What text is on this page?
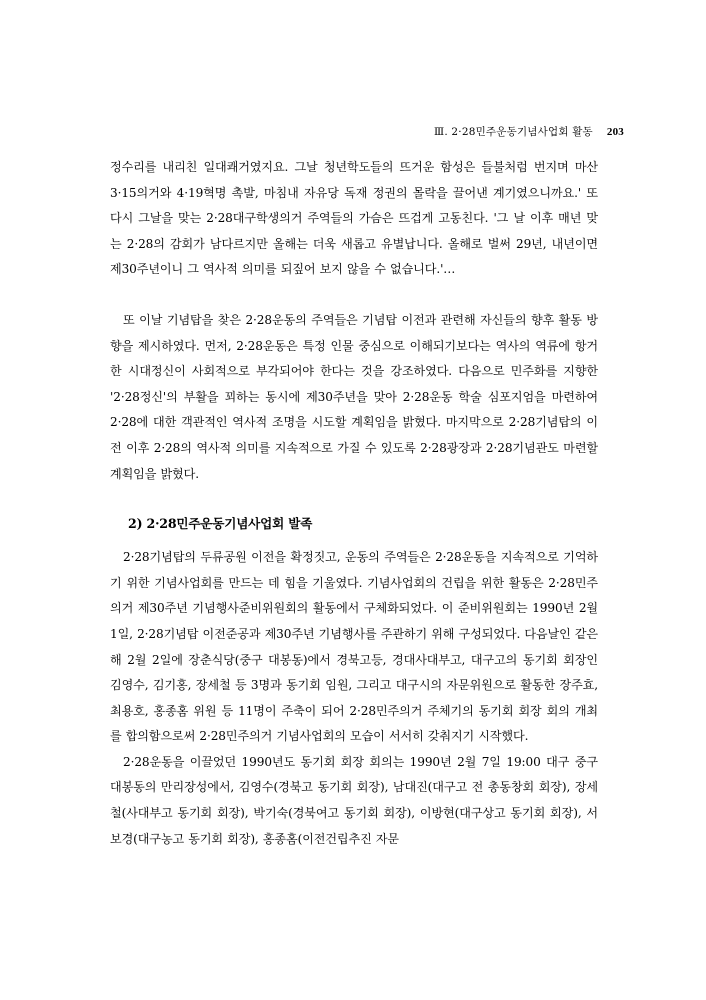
Ⅲ. 2·28민주운동기념사업회 활동 203

정수리를 내리친 일대쾌거였지요. 그날 청년학도들의 뜨거운 함성은 들불처럼 번지며 마산 3·15의거와 4·19혁명 촉발, 마침내 자유당 독재 정권의 몰락을 끌어낸 계기였으니까요.' 또 다시 그날을 맞는 2·28대구학생의거 주역들의 가슴은 뜨겁게 고동친다. '그 날 이후 매년 맞는 2·28의 감회가 남다르지만 올해는 더욱 새롭고 유별납니다. 올해로 벌써 29년, 내년이면 제30주년이니 그 역사적 의미를 되짚어 보지 않을 수 없습니다.'…

또 이날 기념탑을 찾은 2·28운동의 주역들은 기념탑 이전과 관련해 자신들의 향후 활동 방향을 제시하였다. 먼저, 2·28운동은 특정 인물 중심으로 이해되기보다는 역사의 역류에 항거한 시대정신이 사회적으로 부각되어야 한다는 것을 강조하였다. 다음으로 민주화를 지향한 '2·28정신'의 부활을 꾀하는 동시에 제30주년을 맞아 2·28운동 학술 심포지엄을 마련하여 2·28에 대한 객관적인 역사적 조명을 시도할 계획임을 밝혔다. 마지막으로 2·28기념탑의 이전 이후 2·28의 역사적 의미를 지속적으로 가질 수 있도록 2·28광장과 2·28기념관도 마련할 계획임을 밝혔다.

2) 2·28민주운동기념사업회 발족

2·28기념탑의 두류공원 이전을 확정짓고, 운동의 주역들은 2·28운동을 지속적으로 기억하기 위한 기념사업회를 만드는 데 힘을 기울였다. 기념사업회의 건립을 위한 활동은 2·28민주의거 제30주년 기념행사준비위원회의 활동에서 구체화되었다. 이 준비위원회는 1990년 2월 1일, 2·28기념탑 이전준공과 제30주년 기념행사를 주관하기 위해 구성되었다. 다음날인 같은 해 2월 2일에 장춘식당(중구 대봉동)에서 경북고등, 경대사대부고, 대구고의 동기회 회장인 김영수, 김기홍, 장세철 등 3명과 동기회 임원, 그리고 대구시의 자문위원으로 활동한 장주효, 최용호, 홍종홈 위원 등 11명이 주축이 되어 2·28민주의거 주체기의 동기회 회장 회의 개최를 합의함으로써 2·28민주의거 기념사업회의 모습이 서서히 갖춰지기 시작했다.

2·28운동을 이끌었던 1990년도 동기회 회장 회의는 1990년 2월 7일 19:00 대구 중구 대봉동의 만리장성에서, 김영수(경북고 동기회 회장), 남대진(대구고 전 총동창회 회장), 장세철(사대부고 동기회 회장), 박기숙(경북여고 동기회 회장), 이방현(대구상고 동기회 회장), 서보경(대구농고 동기회 회장), 홍종홈(이전건립추진 자문
